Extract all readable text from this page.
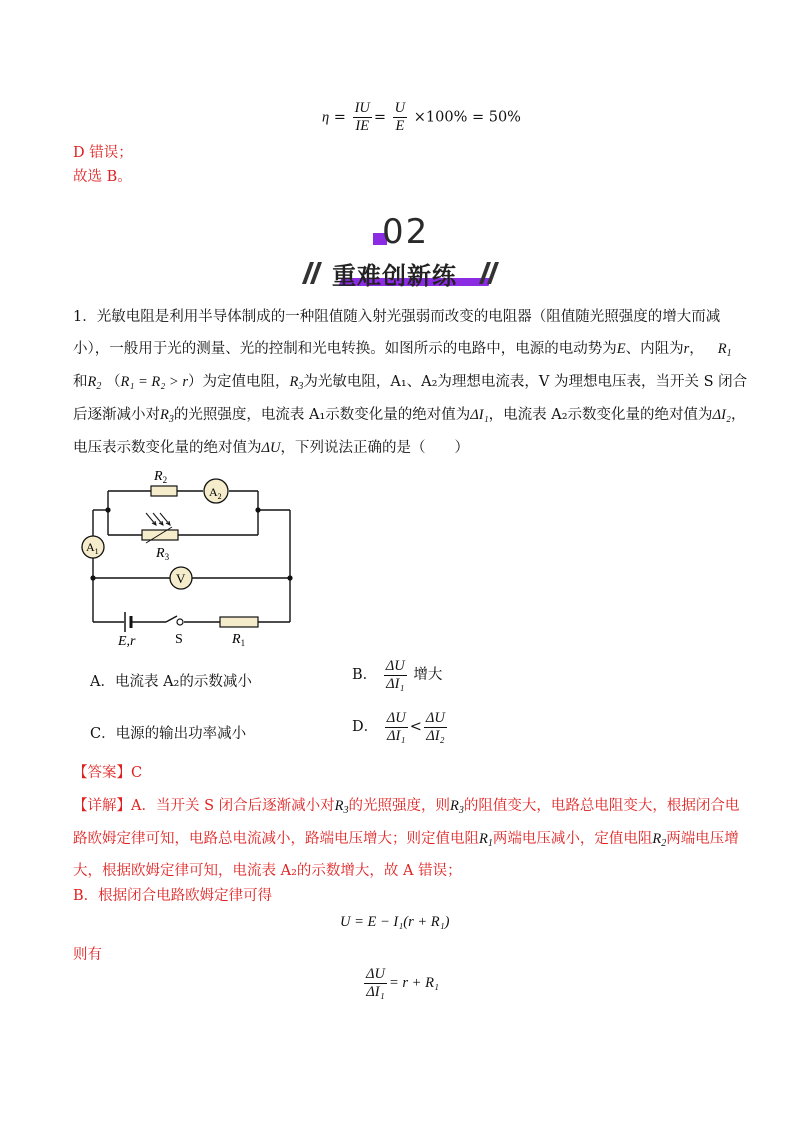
$\eta = \frac{IU}{IE} = \frac{U}{E} \times 100\% = 50\%$
D 错误；
故选 B。
02
重难创新练
1．光敏电阻是利用半导体制成的一种阻值随入射光强弱而改变的电阻器（阻值随光照强度的增大而减
小），一般用于光的测量、光的控制和光电转换。如图所示的电路中，电源的电动势为E、内阻为r， $R_1$
和$R_2$ （R₁ = R₂ > r）为定值电阻，$R_3$为光敏电阻，A₁、A₂为理想电流表，V 为理想电压表，当开关 S 闭合
后逐渐减小对$R_3$的光照强度，电流表 A₁示数变化量的绝对值为ΔI₁，电流表 A₂示数变化量的绝对值为ΔI₂，
电压表示数变化量的绝对值为ΔU，下列说法正确的是（　　）
$R_2$
$A_2$
$R_3$
$A_1$
V
E,r	S	$R_1$
A．电流表 A₂的示数减小	B． $\frac{\Delta U}{\text{ΔI₁}}$ 增大
C．电源的输出功率减小	D． $\frac{\Delta U}{\text{ΔI₁}} < \frac{\Delta U}{\text{ΔI₂}}$
【答案】C
【详解】A．当开关 S 闭合后逐渐减小对$R_3$的光照强度，则$R_3$的阻值变大，电路总电阻变大，根据闭合电
路欧姆定律可知，电路总电流减小，路端电压增大；则定值电阻$R_1$两端电压减小，定值电阻$R_2$两端电压增
大，根据欧姆定律可知，电流表 A₂的示数增大，故 A 错误；
B．根据闭合电路欧姆定律可得
U = E − I₁(r + R₁)
则有
$\frac{\Delta U}{\text{ΔI₁}} = r + R_1$
